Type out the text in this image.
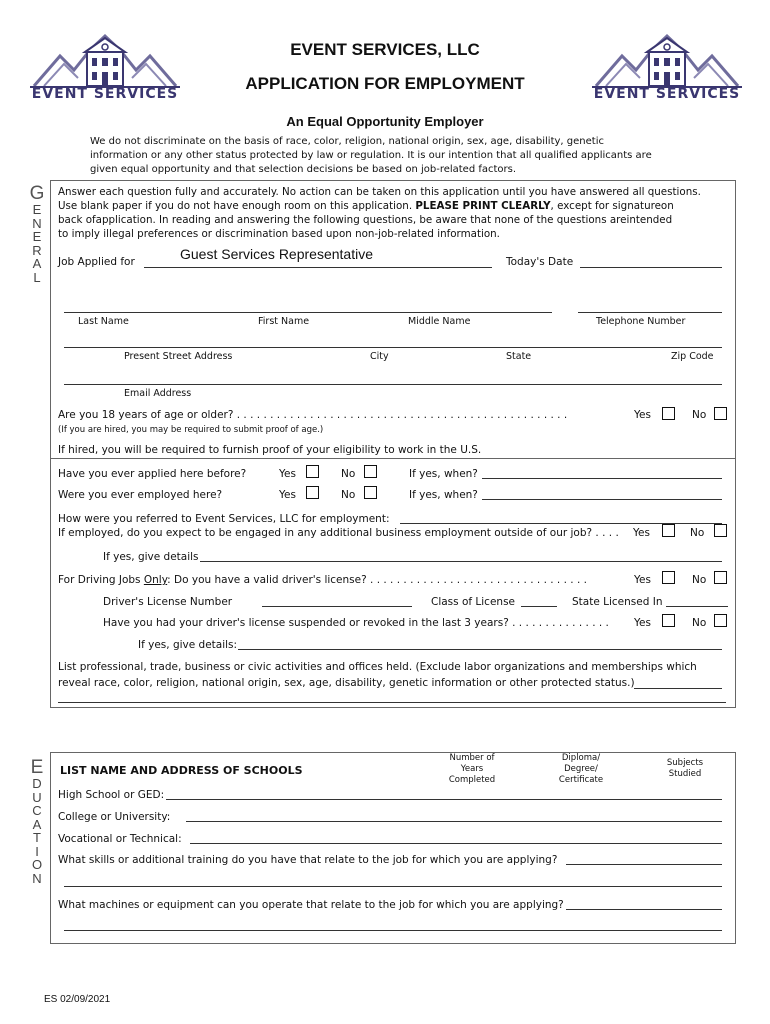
EVENT SERVICES	EVENT SERVICES
EVENT SERVICES, LLC
APPLICATION FOR EMPLOYMENT
An Equal Opportunity Employer
We do not discriminate on the basis of race, color, religion, national origin, sex, age, disability, genetic
information or any other status protected by law or regulation. It is our intention that all qualified applicants are
given equal opportunity and that selection decisions be based on job-related factors.
G
E
N
E
R
A
L
Answer each question fully and accurately. No action can be taken on this application until you have answered all questions.
Use blank paper if you do not have enough room on this application. PLEASE PRINT CLEARLY, except for signatureon
back ofapplication. In reading and answering the following questions, be aware that none of the questions areintended
to imply illegal preferences or discrimination based upon non-job-related information.
Job Applied for	Guest Services Representative	Today's Date
Last Name	First Name	Middle Name	Telephone Number
Present Street Address	City	State	Zip Code
Email Address
Are you 18 years of age or older? . . . . . . . . . . . . . . . . . . . . . . . . . . . . . . . . . . . . . . . . . . . . . . . . . .	Yes	No
(If you are hired, you may be required to submit proof of age.)
If hired, you will be required to furnish proof of your eligibility to work in the U.S.
Have you ever applied here before?	Yes	No	If yes, when?
Were you ever employed here?	Yes	No	If yes, when?
How were you referred to Event Services, LLC for employment:
If employed, do you expect to be engaged in any additional business employment outside of our job? . . . . Yes	No
If yes, give details
For Driving Jobs Only: Do you have a valid driver's license? . . . . . . . . . . . . . . . . . . . . . . . . . . . . . . . . .	Yes	No
Driver's License Number	Class of License	State Licensed In
Have you had your driver's license suspended or revoked in the last 3 years? . . . . . . . . . . . . . . . Yes	No
If yes, give details:
List professional, trade, business or civic activities and offices held. (Exclude labor organizations and memberships which
reveal race, color, religion, national origin, sex, age, disability, genetic information or other protected status.)
E
D
U
C
A
T
I
O
N
LIST NAME AND ADDRESS OF SCHOOLS
Number of
Years
Completed
Diploma/
Degree/
Certificate
Subjects
Studied
High School or GED:
College or University:
Vocational or Technical:
What skills or additional training do you have that relate to the job for which you are applying?
What machines or equipment can you operate that relate to the job for which you are applying?
ES 02/09/2021
